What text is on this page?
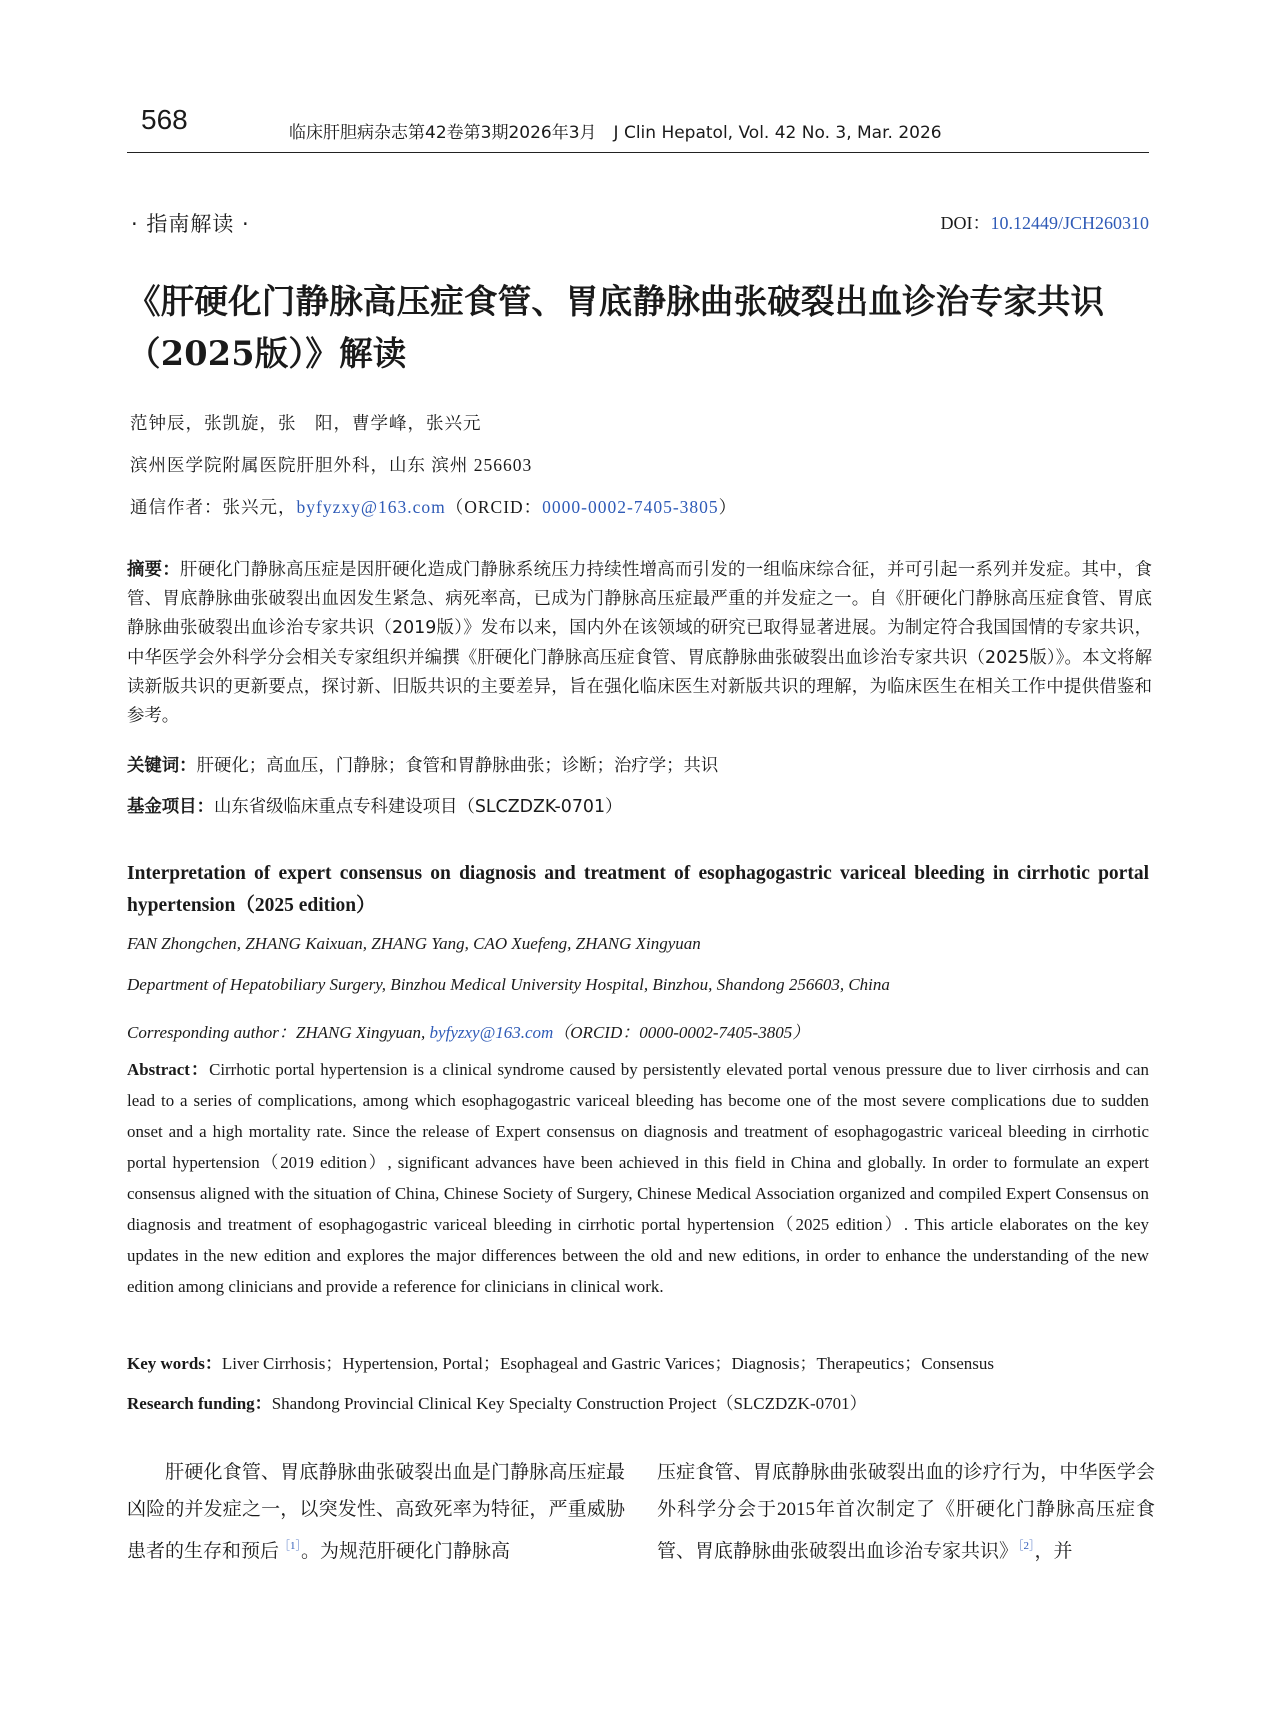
568	临床肝胆病杂志第42卷第3期2026年3月　J Clin Hepatol, Vol. 42 No. 3, Mar. 2026
· 指南解读 ·	DOI：10.12449/JCH260310
《肝硬化门静脉高压症食管、胃底静脉曲张破裂出血诊治专家共识
（2025版）》解读
范钟辰，张凯旋，张　阳，曹学峰，张兴元
滨州医学院附属医院肝胆外科，山东 滨州 256603
通信作者：张兴元，byfyzxy@163.com（ORCID：0000-0002-7405-3805）
摘要：肝硬化门静脉高压症是因肝硬化造成门静脉系统压力持续性增高而引发的一组临床综合征，并可引起一系列并发症。其中，食管、胃底静脉曲张破裂出血因发生紧急、病死率高，已成为门静脉高压症最严重的并发症之一。自《肝硬化门静脉高压症食管、胃底静脉曲张破裂出血诊治专家共识（2019版）》发布以来，国内外在该领域的研究已取得显著进展。为制定符合我国国情的专家共识，中华医学会外科学分会相关专家组织并编撰《肝硬化门静脉高压症食管、胃底静脉曲张破裂出血诊治专家共识（2025版）》。本文将解读新版共识的更新要点，探讨新、旧版共识的主要差异，旨在强化临床医生对新版共识的理解，为临床医生在相关工作中提供借鉴和参考。
关键词：肝硬化；高血压，门静脉；食管和胃静脉曲张；诊断；治疗学；共识
基金项目：山东省级临床重点专科建设项目（SLCZDZK-0701）
Interpretation of expert consensus on diagnosis and treatment of esophagogastric variceal bleeding in cirrhotic portal hypertension（2025 edition）
FAN Zhongchen, ZHANG Kaixuan, ZHANG Yang, CAO Xuefeng, ZHANG Xingyuan
Department of Hepatobiliary Surgery, Binzhou Medical University Hospital, Binzhou, Shandong 256603, China
Corresponding author：ZHANG Xingyuan, byfyzxy@163.com（ORCID：0000-0002-7405-3805）
Abstract：Cirrhotic portal hypertension is a clinical syndrome caused by persistently elevated portal venous pressure due to liver cirrhosis and can lead to a series of complications, among which esophagogastric variceal bleeding has become one of the most severe complications due to sudden onset and a high mortality rate. Since the release of Expert consensus on diagnosis and treatment of esophagogastric variceal bleeding in cirrhotic portal hypertension（2019 edition）, significant advances have been achieved in this field in China and globally. In order to formulate an expert consensus aligned with the situation of China, Chinese Society of Surgery, Chinese Medical Association organized and compiled Expert Consensus on diagnosis and treatment of esophagogastric variceal bleeding in cirrhotic portal hypertension（2025 edition）. This article elaborates on the key updates in the new edition and explores the major differences between the old and new editions, in order to enhance the understanding of the new edition among clinicians and provide a reference for clinicians in clinical work.
Key words：Liver Cirrhosis；Hypertension, Portal；Esophageal and Gastric Varices；Diagnosis；Therapeutics；Consensus
Research funding：Shandong Provincial Clinical Key Specialty Construction Project（SLCZDZK-0701）
肝硬化食管、胃底静脉曲张破裂出血是门静脉高压症最凶险的并发症之一，以突发性、高致死率为特征，严重威胁患者的生存和预后$^{[1]}$。为规范肝硬化门静脉高
压症食管、胃底静脉曲张破裂出血的诊疗行为，中华医学会外科学分会于2015年首次制定了《肝硬化门静脉高压症食管、胃底静脉曲张破裂出血诊治专家共识》$^{[2]}$，并
